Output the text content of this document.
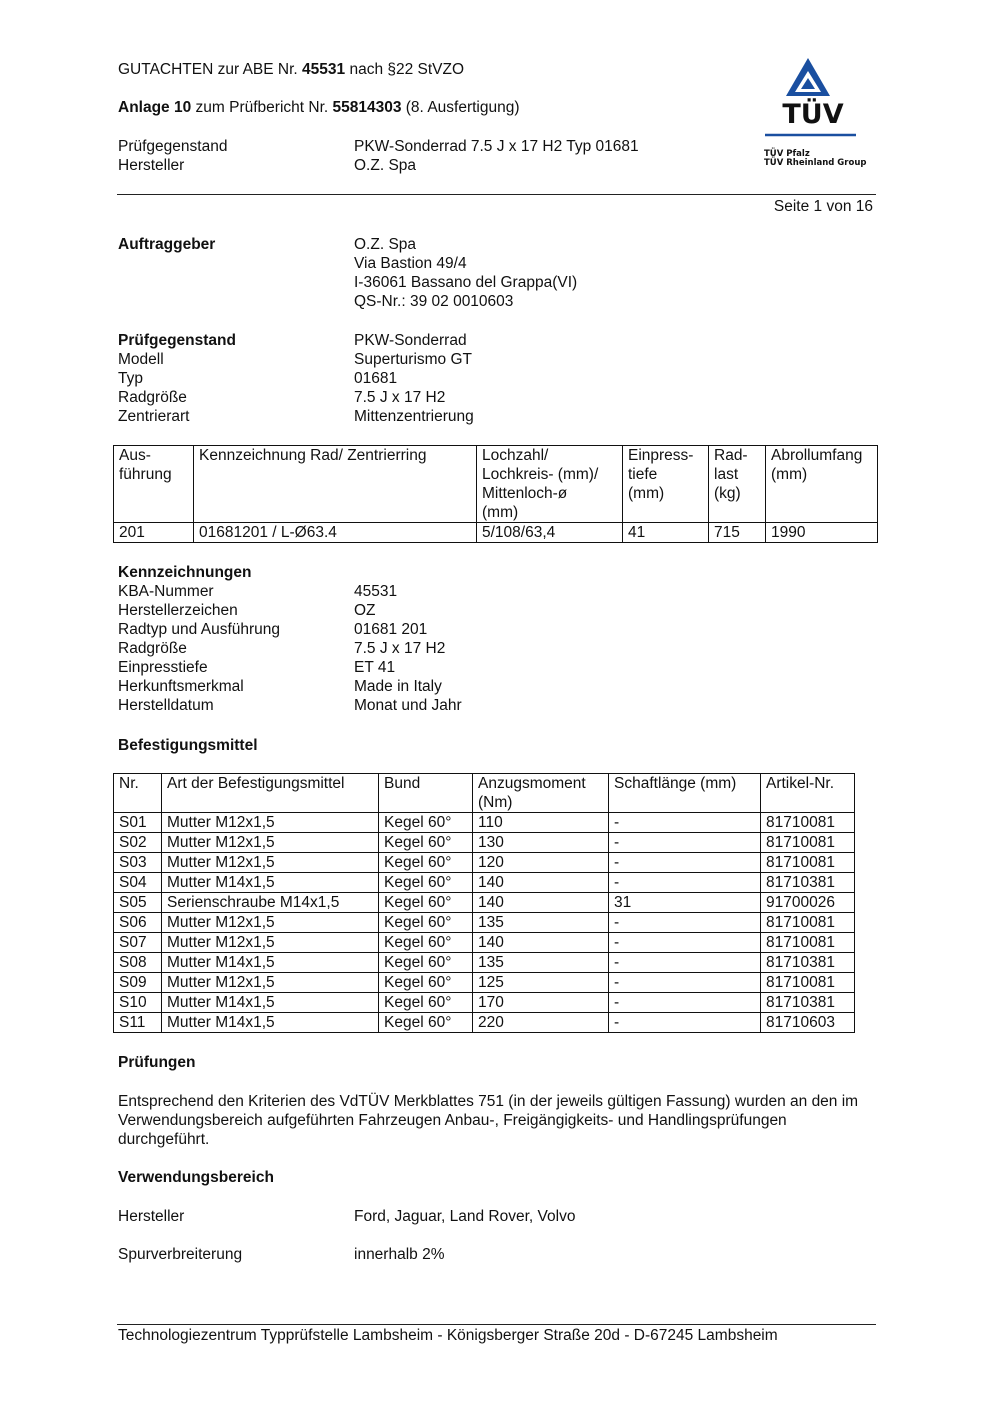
GUTACHTEN zur ABE Nr. 45531 nach §22 StVZO
Anlage 10 zum Prüfbericht Nr. 55814303 (8. Ausfertigung)
Prüfgegenstand	PKW-Sonderrad 7.5 J x 17 H2 Typ 01681
Hersteller	O.Z. Spa
TÜV
TÜV Pfalz
TÜV Rheinland Group
Seite 1 von 16
Auftraggeber	O.Z. Spa
Via Bastion 49/4
I-36061 Bassano del Grappa(VI)
QS-Nr.: 39 02 0010603
Prüfgegenstand	PKW-Sonderrad
Modell	Superturismo GT
Typ	01681
Radgröße	7.5 J x 17 H2
Zentrierart	Mittenzentrierung
Aus-
führung	Kennzeichnung Rad/ Zentrierring	Lochzahl/
Lochkreis- (mm)/
Mittenloch-ø
(mm)	Einpress-
tiefe
(mm)	Rad-
last
(kg)	Abrollumfang
(mm)
201	01681201 / L-Ø63.4	5/108/63,4	41	715	1990
Kennzeichnungen
KBA-Nummer	45531
Herstellerzeichen	OZ
Radtyp und Ausführung	01681 201
Radgröße	7.5 J x 17 H2
Einpresstiefe	ET 41
Herkunftsmerkmal	Made in Italy
Herstelldatum	Monat und Jahr
Befestigungsmittel
Nr.	Art der Befestigungsmittel	Bund	Anzugsmoment
(Nm)	Schaftlänge (mm)	Artikel-Nr.
S01	Mutter M12x1,5	Kegel 60°	110	-	81710081
S02	Mutter M12x1,5	Kegel 60°	130	-	81710081
S03	Mutter M12x1,5	Kegel 60°	120	-	81710081
S04	Mutter M14x1,5	Kegel 60°	140	-	81710381
S05	Serienschraube M14x1,5	Kegel 60°	140	31	91700026
S06	Mutter M12x1,5	Kegel 60°	135	-	81710081
S07	Mutter M12x1,5	Kegel 60°	140	-	81710081
S08	Mutter M14x1,5	Kegel 60°	135	-	81710381
S09	Mutter M12x1,5	Kegel 60°	125	-	81710081
S10	Mutter M14x1,5	Kegel 60°	170	-	81710381
S11	Mutter M14x1,5	Kegel 60°	220	-	81710603
Prüfungen
Entsprechend den Kriterien des VdTÜV Merkblattes 751 (in der jeweils gültigen Fassung) wurden an den im Verwendungsbereich aufgeführten Fahrzeugen Anbau-, Freigängigkeits- und Handlingsprüfungen durchgeführt.
Verwendungsbereich
Hersteller	Ford, Jaguar, Land Rover, Volvo
Spurverbreiterung	innerhalb 2%
Technologiezentrum Typprüfstelle Lambsheim - Königsberger Straße 20d - D-67245 Lambsheim
